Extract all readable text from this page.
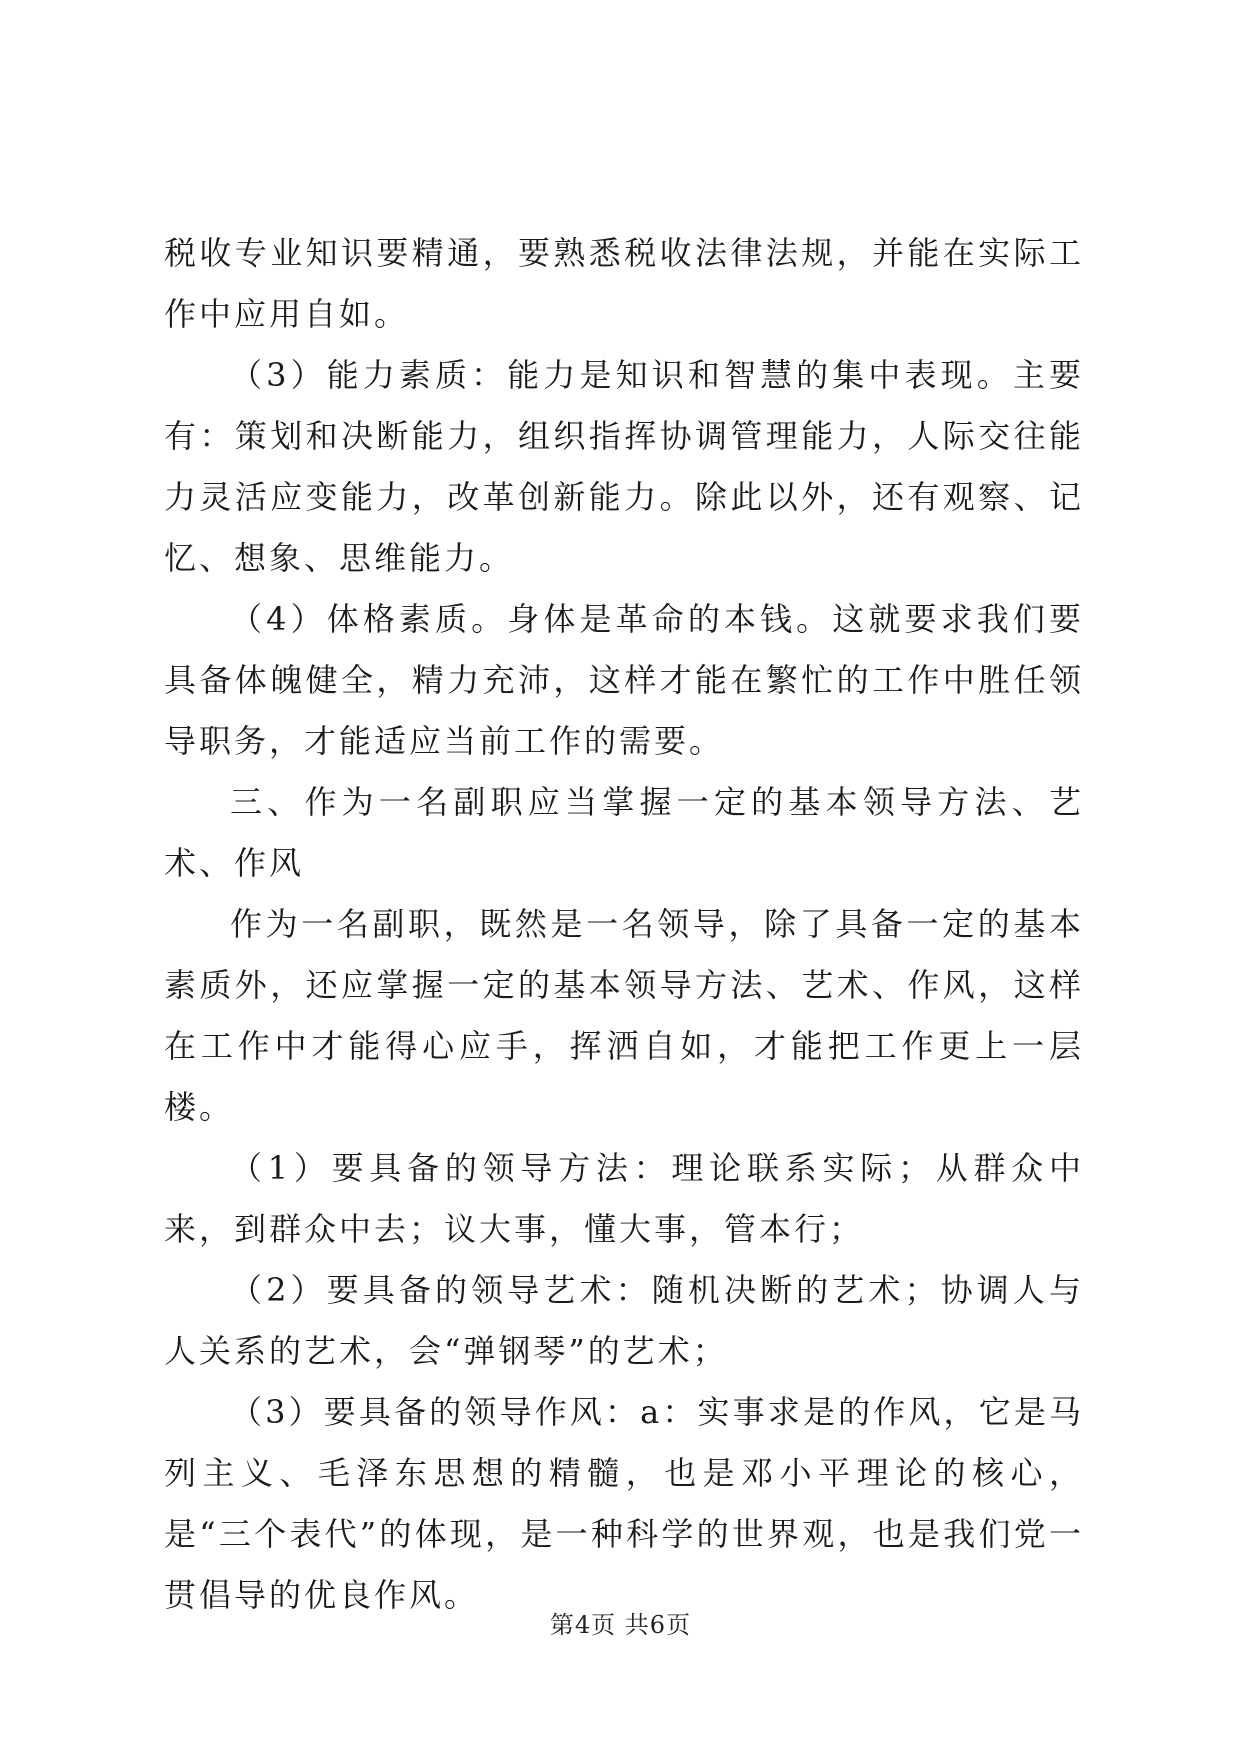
税收专业知识要精通，要熟悉税收法律法规，并能在实际工作中应用自如。

（3）能力素质：能力是知识和智慧的集中表现。主要有：策划和决断能力，组织指挥协调管理能力，人际交往能力灵活应变能力，改革创新能力。除此以外，还有观察、记忆、想象、思维能力。

（4）体格素质。身体是革命的本钱。这就要求我们要具备体魄健全，精力充沛，这样才能在繁忙的工作中胜任领导职务，才能适应当前工作的需要。

三、作为一名副职应当掌握一定的基本领导方法、艺术、作风

作为一名副职，既然是一名领导，除了具备一定的基本素质外，还应掌握一定的基本领导方法、艺术、作风，这样在工作中才能得心应手，挥洒自如，才能把工作更上一层楼。

（1）要具备的领导方法：理论联系实际；从群众中来，到群众中去；议大事，懂大事，管本行；

（2）要具备的领导艺术：随机决断的艺术；协调人与人关系的艺术，会“弹钢琴”的艺术；

（3）要具备的领导作风：a：实事求是的作风，它是马列主义、毛泽东思想的精髓，也是邓小平理论的核心，是“三个表代”的体现，是一种科学的世界观，也是我们党一贯倡导的优良作风。

第4页 共6页
